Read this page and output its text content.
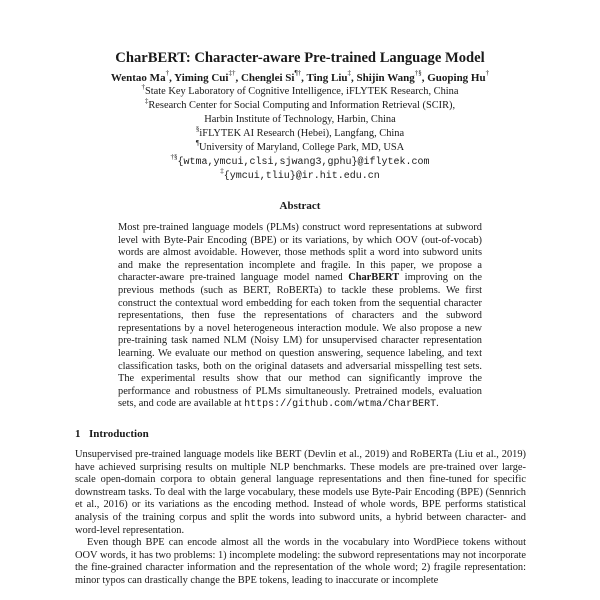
CharBERT: Character-aware Pre-trained Language Model
Wentao Ma†, Yiming Cui‡†, Chenglei Si¶†, Ting Liu‡, Shijin Wang†§, Guoping Hu†
†State Key Laboratory of Cognitive Intelligence, iFLYTEK Research, China
‡Research Center for Social Computing and Information Retrieval (SCIR),
Harbin Institute of Technology, Harbin, China
§iFLYTEK AI Research (Hebei), Langfang, China
¶University of Maryland, College Park, MD, USA
†§{wtma,ymcui,clsi,sjwang3,gphu}@iflytek.com
‡{ymcui,tliu}@ir.hit.edu.cn
Abstract

Most pre-trained language models (PLMs) construct word representations at subword level with Byte-Pair Encoding (BPE) or its variations, by which OOV (out-of-vocab) words are almost avoidable. However, those methods split a word into subword units and make the representation incomplete and fragile. In this paper, we propose a character-aware pre-trained language model named CharBERT improving on the previous methods (such as BERT, RoBERTa) to tackle these problems. We first construct the contextual word embedding for each token from the sequential character representations, then fuse the representations of characters and the subword representations by a novel heterogeneous interaction module. We also propose a new pre-training task named NLM (Noisy LM) for unsupervised character representation learning. We evaluate our method on question answering, sequence labeling, and text classification tasks, both on the original datasets and adversarial misspelling test sets. The experimental results show that our method can significantly improve the performance and robustness of PLMs simultaneously. Pretrained models, evaluation sets, and code are available at https://github.com/wtma/CharBERT.

1 Introduction

Unsupervised pre-trained language models like BERT (Devlin et al., 2019) and RoBERTa (Liu et al., 2019) have achieved surprising results on multiple NLP benchmarks. These models are pre-trained over large-scale open-domain corpora to obtain general language representations and then fine-tuned for specific downstream tasks. To deal with the large vocabulary, these models use Byte-Pair Encoding (BPE) (Sennrich et al., 2016) or its variations as the encoding method. Instead of whole words, BPE performs statistical analysis of the training corpus and split the words into subword units, a hybrid between character- and word-level representation.

Even though BPE can encode almost all the words in the vocabulary into WordPiece tokens without OOV words, it has two problems: 1) incomplete modeling: the subword representations may not incorporate the fine-grained character information and the representation of the whole word; 2) fragile representation: minor typos can drastically change the BPE tokens, leading to inaccurate or incomplete
